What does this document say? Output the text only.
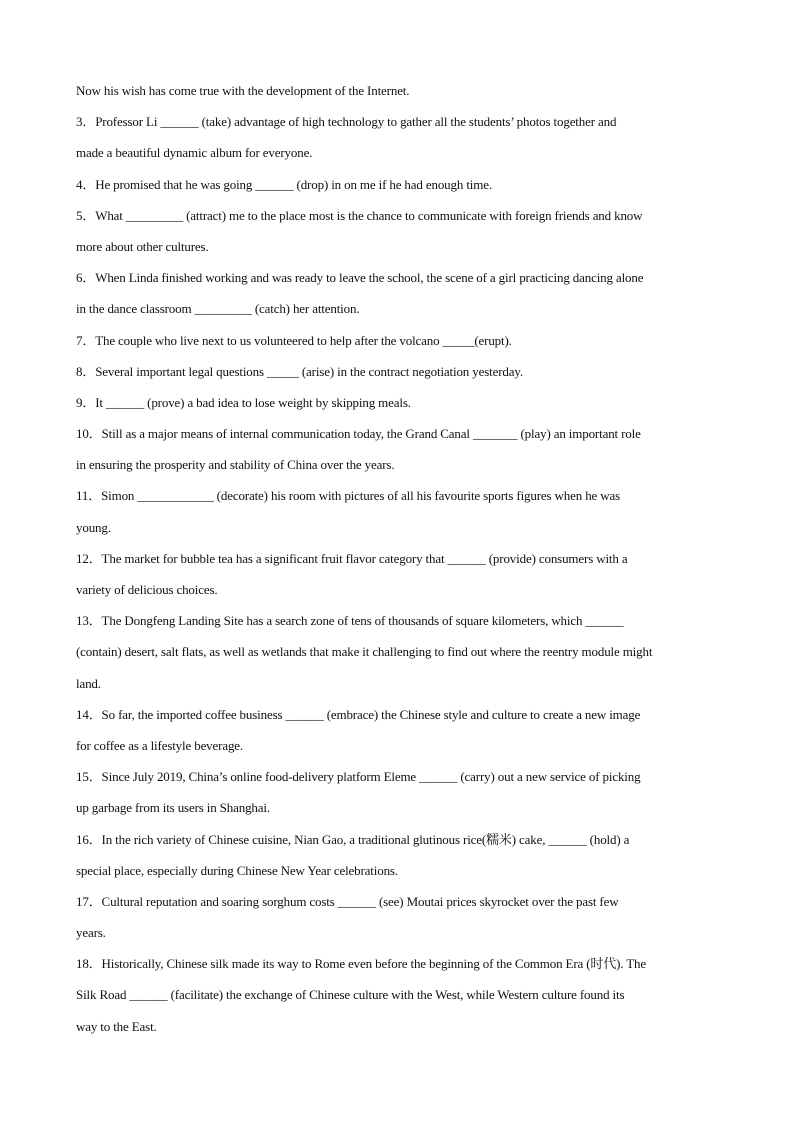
Now his wish has come true with the development of the Internet.
3．Professor Li ______ (take) advantage of high technology to gather all the students’ photos together and
made a beautiful dynamic album for everyone.
4．He promised that he was going ______ (drop) in on me if he had enough time.
5．What _________ (attract) me to the place most is the chance to communicate with foreign friends and know
more about other cultures.
6．When Linda finished working and was ready to leave the school, the scene of a girl practicing dancing alone
in the dance classroom _________ (catch) her attention.
7．The couple who live next to us volunteered to help after the volcano _____(erupt).
8．Several important legal questions _____ (arise) in the contract negotiation yesterday.
9．It ______ (prove) a bad idea to lose weight by skipping meals.
10．Still as a major means of internal communication today, the Grand Canal _______ (play) an important role
in ensuring the prosperity and stability of China over the years.
11．Simon ____________ (decorate) his room with pictures of all his favourite sports figures when he was
young.
12．The market for bubble tea has a significant fruit flavor category that ______ (provide) consumers with a
variety of delicious choices.
13．The Dongfeng Landing Site has a search zone of tens of thousands of square kilometers, which ______
(contain) desert, salt flats, as well as wetlands that make it challenging to find out where the reentry module might
land.
14．So far, the imported coffee business ______ (embrace) the Chinese style and culture to create a new image
for coffee as a lifestyle beverage.
15．Since July 2019, China’s online food-delivery platform Eleme ______ (carry) out a new service of picking
up garbage from its users in Shanghai.
16．In the rich variety of Chinese cuisine, Nian Gao, a traditional glutinous rice(糯米) cake, ______ (hold) a
special place, especially during Chinese New Year celebrations.
17．Cultural reputation and soaring sorghum costs ______ (see) Moutai prices skyrocket over the past few
years.
18．Historically, Chinese silk made its way to Rome even before the beginning of the Common Era (时代). The
Silk Road ______ (facilitate) the exchange of Chinese culture with the West, while Western culture found its
way to the East.
